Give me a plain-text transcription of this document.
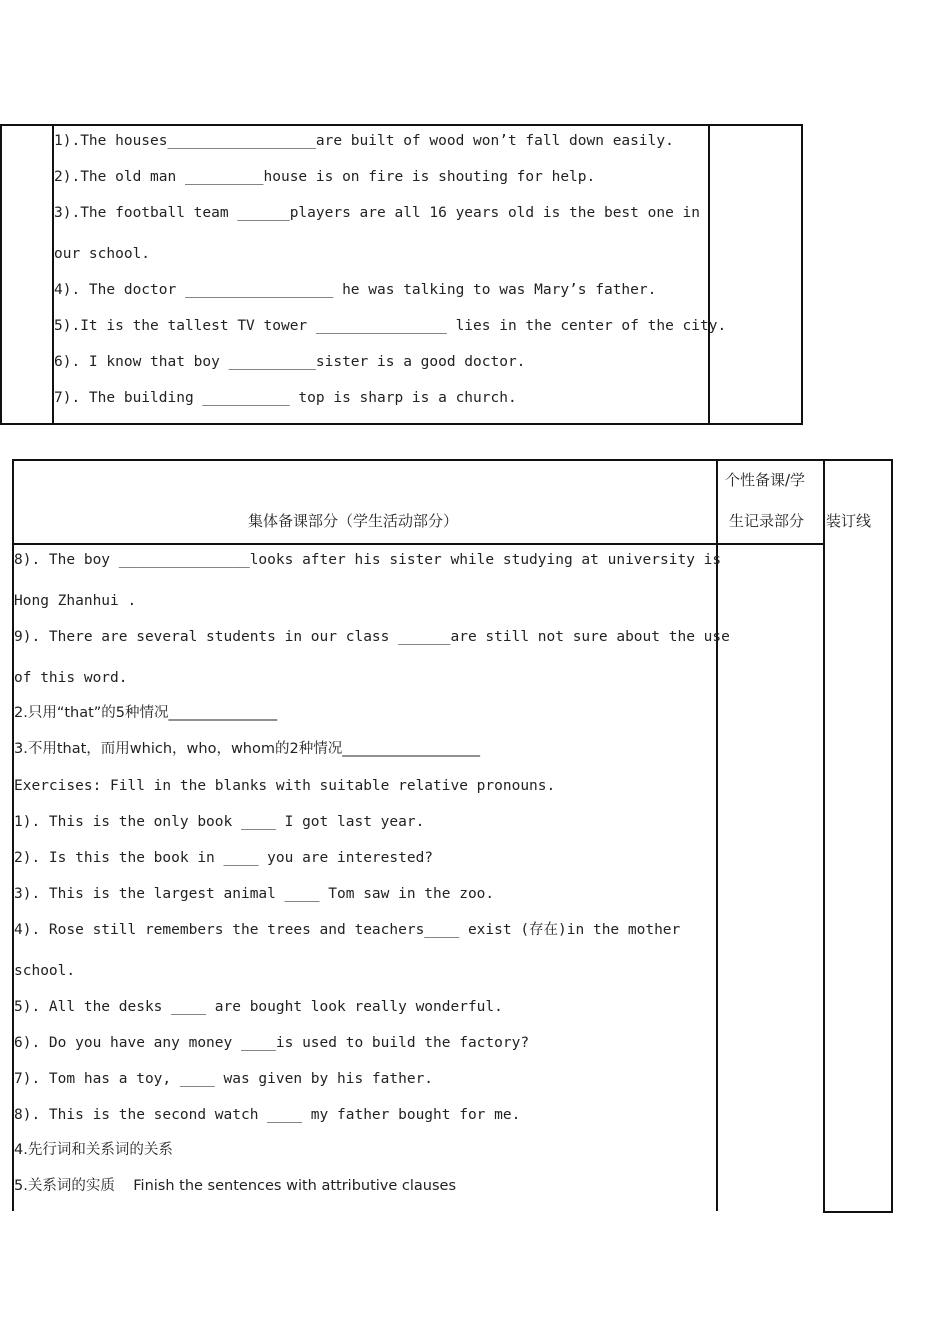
1).The houses_________________are built of wood won’t fall down easily.
2).The old man _________house is on fire is shouting for help.
3).The football team ______players are all 16 years old is the best one in
our school.
4). The doctor _________________ he was talking to was Mary’s father.
5).It is the tallest TV tower _______________ lies in the center of the city.
6). I know that boy __________sister is a good doctor.
7). The building __________ top is sharp is a church.
集体备课部分（学生活动部分）
个性备课/学
生记录部分 装订线
8). The boy _______________looks after his sister while studying at university is
Hong Zhanhui .
9). There are several students in our class ______are still not sure about the use
of this word.
2.只用“that”的5种情况_______________
3.不用that，而用which，who，whom的2种情况___________________
Exercises: Fill in the blanks with suitable relative pronouns.
1). This is the only book ____ I got last year.
2). Is this the book in ____ you are interested?
3). This is the largest animal ____ Tom saw in the zoo.
4). Rose still remembers the trees and teachers____ exist (存在)in the mother
school.
5). All the desks ____ are bought look really wonderful.
6). Do you have any money ____is used to build the factory?
7). Tom has a toy, ____ was given by his father.
8). This is the second watch ____ my father bought for me.
4.先行词和关系词的关系
5.关系词的实质    Finish the sentences with attributive clauses
